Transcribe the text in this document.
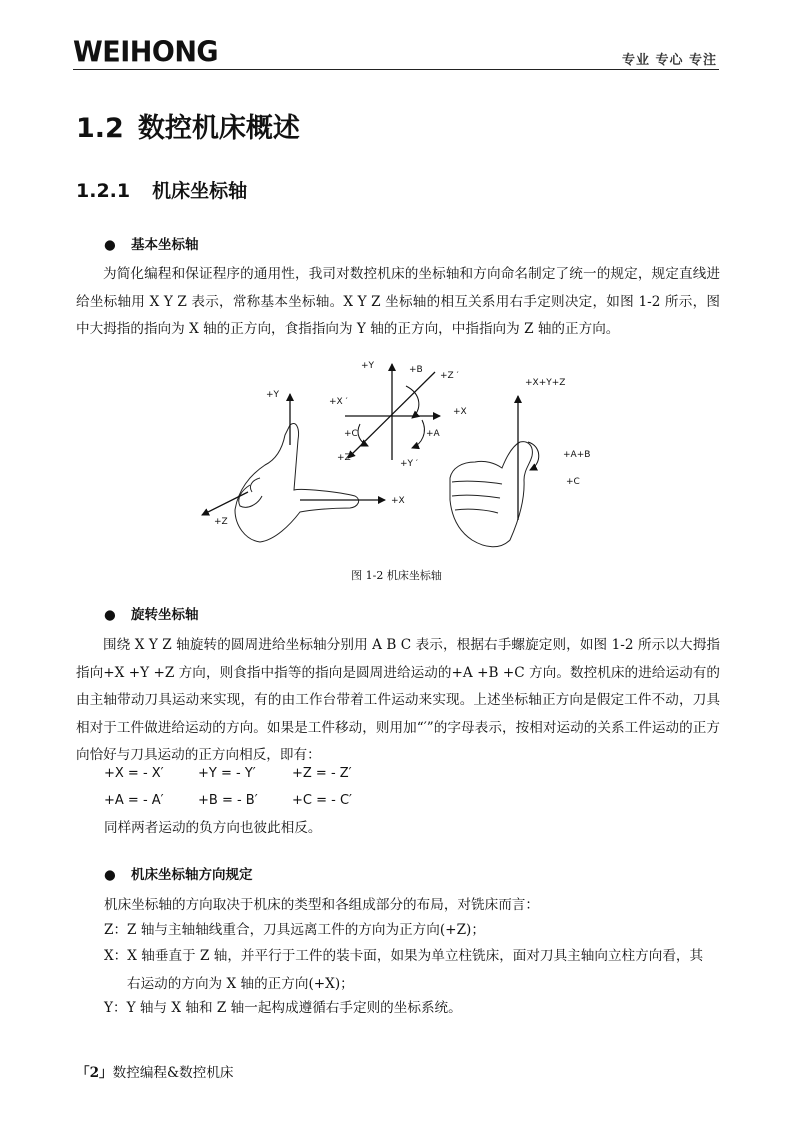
WEIHONG	专业 专心 专注
1.2 数控机床概述
1.2.1 机床坐标轴
● 基本坐标轴

为简化编程和保证程序的通用性，我司对数控机床的坐标轴和方向命名制定了统一的规定，规定直线进给坐标轴用 X Y Z 表示，常称基本坐标轴。X Y Z 坐标轴的相互关系用右手定则决定，如图 1-2 所示，图中大拇指的指向为 X 轴的正方向，食指指向为 Y 轴的正方向，中指指向为 Z 轴的正方向。

+Y
+X
+Z
+Y	+B
+Z ′
+X ′
+X
+C	+A
+Z
+Y ′
+X+Y+Z
+A+B
+C
图 1-2 机床坐标轴
● 旋转坐标轴

围绕 X Y Z 轴旋转的圆周进给坐标轴分别用 A B C 表示，根据右手螺旋定则，如图 1-2 所示以大拇指指向+X +Y +Z 方向，则食指中指等的指向是圆周进给运动的+A +B +C 方向。数控机床的进给运动有的由主轴带动刀具运动来实现，有的由工作台带着工件运动来实现。上述坐标轴正方向是假定工件不动，刀具相对于工件做进给运动的方向。如果是工件移动，则用加“′”的字母表示，按相对运动的关系工件运动的正方向恰好与刀具运动的正方向相反，即有：

+X = - X′	+Y = - Y′	+Z = - Z′
+A = - A′	+B = - B′	+C = - C′
同样两者运动的负方向也彼此相反。
● 机床坐标轴方向规定
机床坐标轴的方向取决于机床的类型和各组成部分的布局，对铣床而言：
Z：Z 轴与主轴轴线重合，刀具远离工件的方向为正方向(+Z)；
X：X 轴垂直于 Z 轴，并平行于工件的装卡面，如果为单立柱铣床，面对刀具主轴向立柱方向看，其
右运动的方向为 X 轴的正方向(+X)；
Y：Y 轴与 X 轴和 Z 轴一起构成遵循右手定则的坐标系统。
「2」数控编程&数控机床
